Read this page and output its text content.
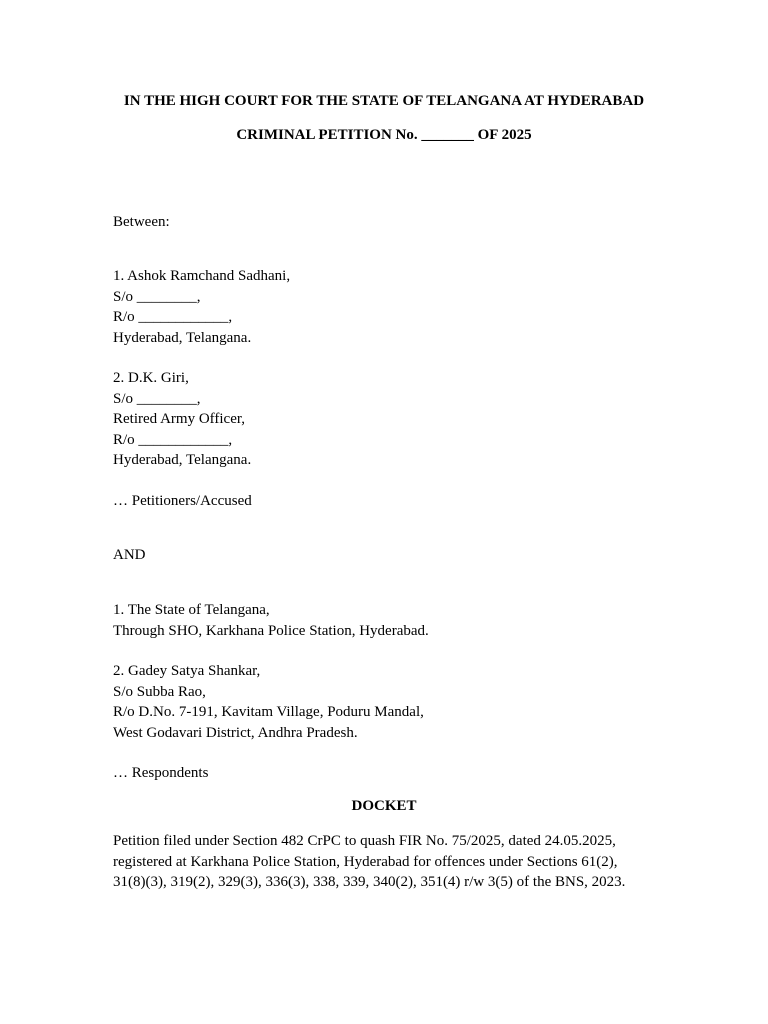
IN THE HIGH COURT FOR THE STATE OF TELANGANA AT HYDERABAD
CRIMINAL PETITION No. _______ OF 2025
Between:
1. Ashok Ramchand Sadhani,
S/o ________,
R/o ____________,
Hyderabad, Telangana.
2. D.K. Giri,
S/o ________,
Retired Army Officer,
R/o ____________,
Hyderabad, Telangana.
… Petitioners/Accused
AND
1. The State of Telangana,
Through SHO, Karkhana Police Station, Hyderabad.
2. Gadey Satya Shankar,
S/o Subba Rao,
R/o D.No. 7-191, Kavitam Village, Poduru Mandal,
West Godavari District, Andhra Pradesh.
… Respondents
DOCKET
Petition filed under Section 482 CrPC to quash FIR No. 75/2025, dated 24.05.2025,
registered at Karkhana Police Station, Hyderabad for offences under Sections 61(2),
31(8)(3), 319(2), 329(3), 336(3), 338, 339, 340(2), 351(4) r/w 3(5) of the BNS, 2023.
